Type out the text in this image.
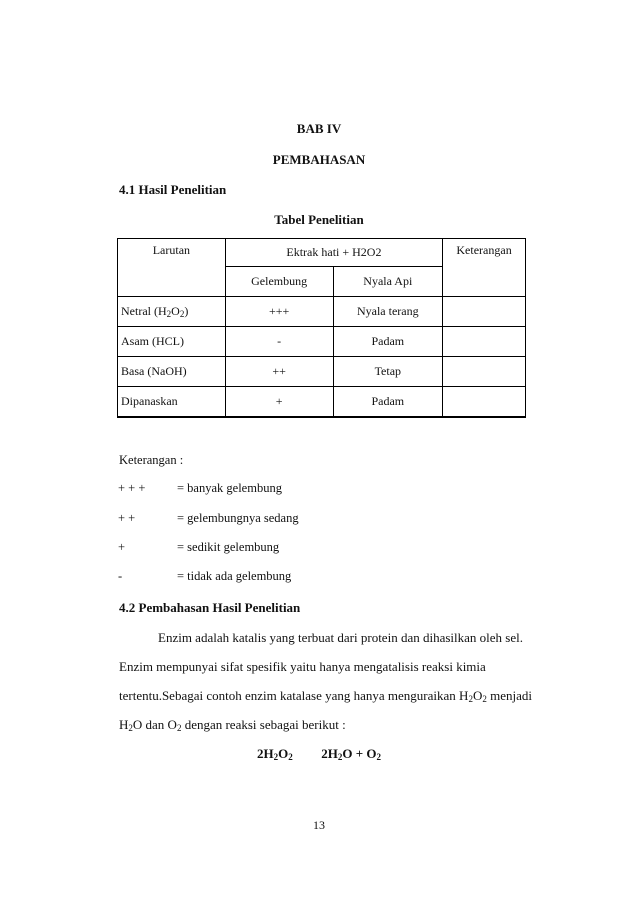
BAB IV
PEMBAHASAN
4.1 Hasil Penelitian
Tabel Penelitian
Larutan	Ektrak hati + H2O2		Keterangan
	Gelembung	Nyala Api	
Netral $(H_2O_2)$	+++	Nyala terang	
Asam (HCL)	-	Padam	
Basa (NaOH)	++	Tetap	
Dipanaskan	+	Padam	
Keterangan :
+ + +	= banyak gelembung
+ +	= gelembungnya sedang
+	= sedikit gelembung
-	= tidak ada gelembung
4.2 Pembahasan Hasil Penelitian
Enzim adalah katalis yang terbuat dari protein dan dihasilkan oleh sel.
Enzim mempunyai sifat spesifik yaitu hanya mengatalisis reaksi kimia
tertentu.Sebagai contoh enzim katalase yang hanya menguraikan $H_2O_2$ menjadi
$H_2O$ dan $O_2$ dengan reaksi sebagai berikut :
$2H_2O_2$ $2H_2O + O_2$
13
